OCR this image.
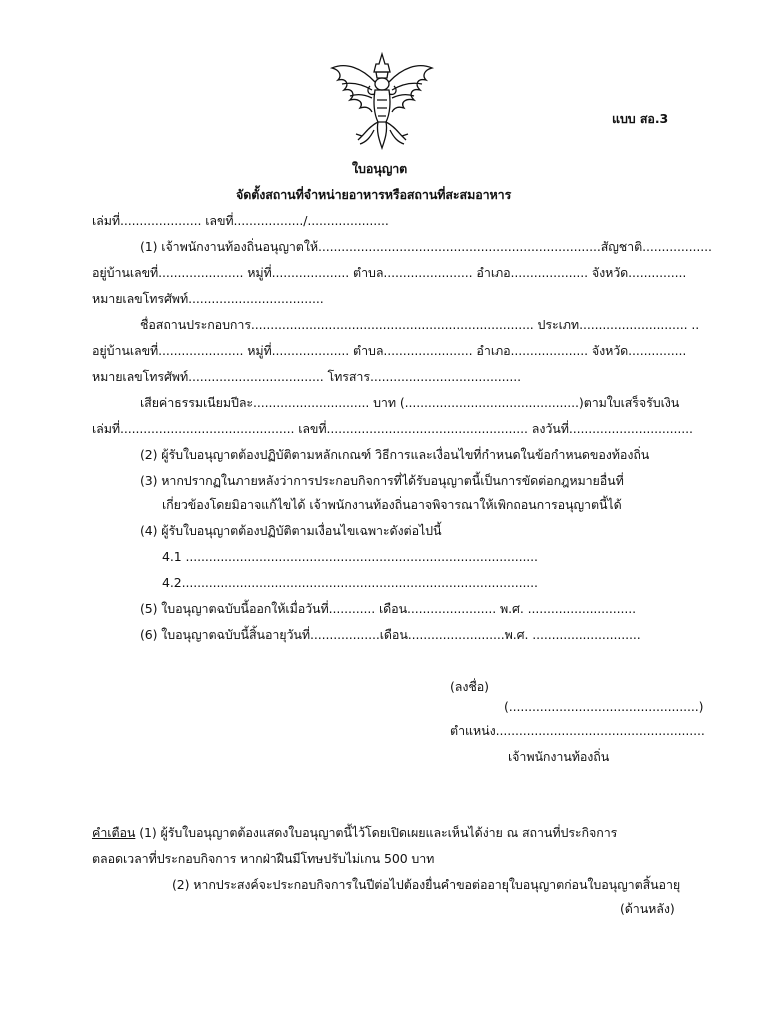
แบบ สอ.3
ใบอนุญาต
จัดตั้งสถานที่จำหน่ายอาหารหรือสถานที่สะสมอาหาร
เล่มที่..................... เลขที่................../.....................
(1) เจ้าพนักงานท้องถิ่นอนุญาตให้.........................................................................สัญชาติ..................
อยู่บ้านเลขที่...................... หมู่ที่.................... ตำบล....................... อำเภอ.................... จังหวัด...............
หมายเลขโทรศัพท์...................................
ชื่อสถานประกอบการ......................................................................... ประเภท............................ ..
อยู่บ้านเลขที่...................... หมู่ที่.................... ตำบล....................... อำเภอ.................... จังหวัด...............
หมายเลขโทรศัพท์................................... โทรสาร.......................................
เสียค่าธรรมเนียมปีละ.............................. บาท (.............................................)ตามใบเสร็จรับเงิน
เล่มที่............................................. เลขที่.................................................... ลงวันที่................................
(2) ผู้รับใบอนุญาตต้องปฏิบัติตามหลักเกณฑ์ วิธีการและเงื่อนไขที่กำหนดในข้อกำหนดของท้องถิ่น
(3) หากปรากฏในภายหลังว่าการประกอบกิจการที่ได้รับอนุญาตนี้เป็นการขัดต่อกฎหมายอื่นที่
เกี่ยวข้องโดยมิอาจแก้ไขได้ เจ้าพนักงานท้องถิ่นอาจพิจารณาให้เพิกถอนการอนุญาตนี้ได้
(4) ผู้รับใบอนุญาตต้องปฏิบัติตามเงื่อนไขเฉพาะดังต่อไปนี้
4.1 ...........................................................................................
4.2............................................................................................
(5) ใบอนุญาตฉบับนี้ออกให้เมื่อวันที่............ เดือน....................... พ.ศ. ............................
(6) ใบอนุญาตฉบับนี้สิ้นอายุวันที่..................เดือน.........................พ.ศ. ............................
(ลงชื่อ)
(.................................................)
ตำแหน่ง......................................................
เจ้าพนักงานท้องถิ่น
คำเตือน (1) ผู้รับใบอนุญาตต้องแสดงใบอนุญาตนี้ไว้โดยเปิดเผยและเห็นได้ง่าย ณ สถานที่ประกิจการ
ตลอดเวลาที่ประกอบกิจการ หากฝ่าฝืนมีโทษปรับไม่เกน 500 บาท
(2) หากประสงค์จะประกอบกิจการในปีต่อไปต้องยื่นคำขอต่ออายุใบอนุญาตก่อนใบอนุญาตสิ้นอายุ
(ด้านหลัง)
